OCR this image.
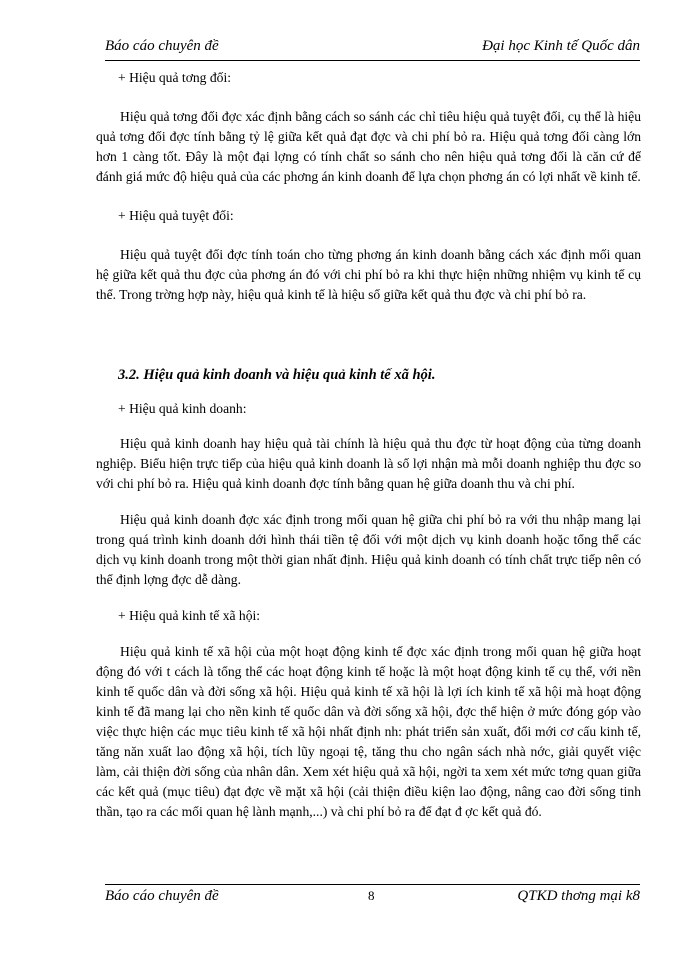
Báo cáo chuyên đề	Đại học Kinh tế Quốc dân

+ Hiệu quả tơng đối:

Hiệu quả tơng đối đợc xác định bằng cách so sánh các chỉ tiêu hiệu quả tuyệt đối, cụ thể là hiệu quả tơng đối đợc tính bằng tỷ lệ giữa kết quả đạt đợc và chi phí bỏ ra. Hiệu quả tơng đối càng lớn hơn 1 càng tốt. Đây là một đại lợng có tính chất so sánh cho nên hiệu quả tơng đối là căn cứ để đánh giá mức độ hiệu quả của các phơng án kinh doanh để lựa chọn phơng án có lợi nhất về kinh tế.

+ Hiệu quả tuyệt đối:

Hiệu quả tuyệt đối đợc tính toán cho từng phơng án kinh doanh bằng cách xác định mối quan hệ giữa kết quả thu đợc của phơng án đó với chi phí bỏ ra khi thực hiện những nhiệm vụ kinh tế cụ thể. Trong trờng hợp này, hiệu quả kinh tế là hiệu số giữa kết quả thu đợc và chi phí bỏ ra.

3.2. Hiệu quả kinh doanh và hiệu quả kinh tế xã hội.

+ Hiệu quả kinh doanh:

Hiệu quả kinh doanh hay hiệu quả tài chính là hiệu quả thu đợc từ hoạt động của từng doanh nghiệp. Biểu hiện trực tiếp của hiệu quả kinh doanh là số lợi nhận mà mỗi doanh nghiệp thu đợc so với chi phí bỏ ra. Hiệu quả kinh doanh đợc tính bằng quan hệ giữa doanh thu và chi phí.

Hiệu quả kinh doanh đợc xác định trong mối quan hệ giữa chi phí bỏ ra với thu nhập mang lại trong quá trình kinh doanh dới hình thái tiền tệ đối với một dịch vụ kinh doanh hoặc tổng thể các dịch vụ kinh doanh trong một thời gian nhất định. Hiệu quả kinh doanh có tính chất trực tiếp nên có thể định lợng đợc dễ dàng.

+ Hiệu quả kinh tế xã hội:

Hiệu quả kinh tế xã hội của một hoạt động kinh tế đợc xác định trong mối quan hệ giữa hoạt động đó với t cách là tổng thể các hoạt động kinh tế hoặc là một hoạt động kinh tế cụ thể, với nền kinh tế quốc dân và đời sống xã hội. Hiệu quả kinh tế xã hội là lợi ích kinh tế xã hội mà hoạt động kinh tế đã mang lại cho nền kinh tế quốc dân và đời sống xã hội, đợc thể hiện ở mức đóng góp vào việc thực hiện các mục tiêu kinh tế xã hội nhất định nh: phát triển sản xuất, đổi mới cơ cấu kinh tế, tăng năn xuất lao động xã hội, tích lũy ngoại tệ, tăng thu cho ngân sách nhà nớc, giải quyết việc làm, cải thiện đời sống của nhân dân. Xem xét hiệu quả xã hội, ngời ta xem xét mức tơng quan giữa các kết quả (mục tiêu) đạt đợc về mặt xã hội (cải thiện điều kiện lao động, nâng cao đời sống tinh thần, tạo ra các mối quan hệ lành mạnh,...) và chi phí bỏ ra để đạt đ ợc kết quả đó.

Báo cáo chuyên đề	8	QTKD thơng mại k8
